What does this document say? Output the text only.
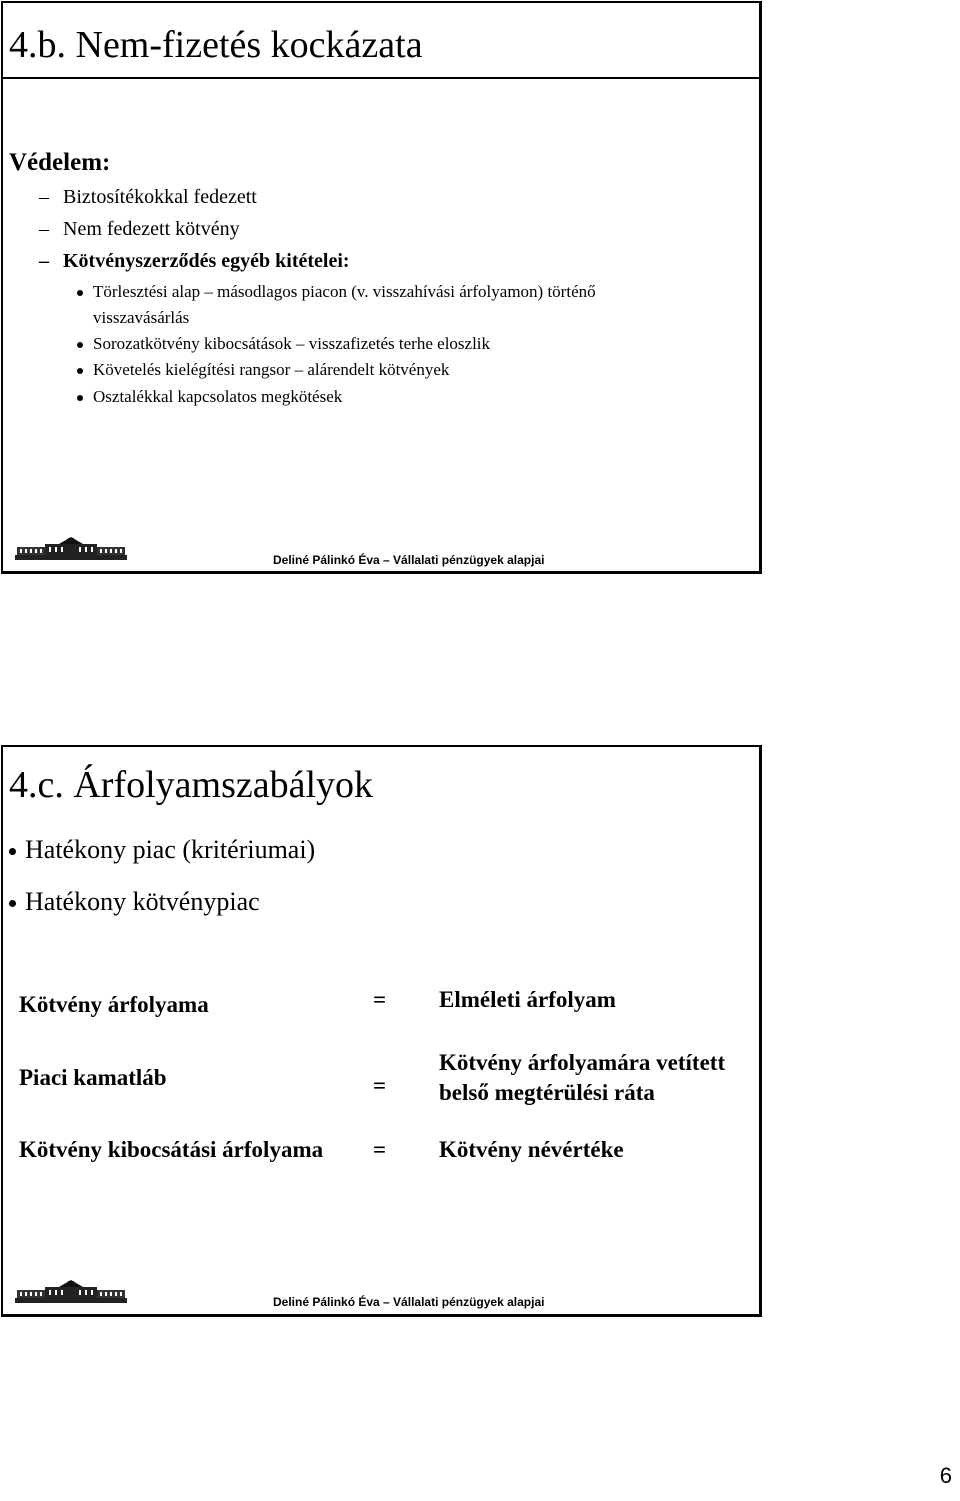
4.b. Nem-fizetés kockázata
Védelem:
– Biztosítékokkal fedezett
– Nem fedezett kötvény
– Kötvényszerződés egyéb kitételei:
Törlesztési alap – másodlagos piacon (v. visszahívási árfolyamon) történő
visszavásárlás
Sorozatkötvény kibocsátások – visszafizetés terhe eloszlik
Követelés kielégítési rangsor – alárendelt kötvények
Osztalékkal kapcsolatos megkötések
Deliné Pálinkó Éva – Vállalati pénzügyek alapjai
4.c. Árfolyamszabályok
Hatékony piac (kritériumai)
Hatékony kötvénypiac
Kötvény árfolyama	= Elméleti árfolyam
Piaci kamatláb	=
Kötvény árfolyamára vetített
belső megtérülési ráta
Kötvény kibocsátási árfolyama = Kötvény névértéke
Deliné Pálinkó Éva – Vállalati pénzügyek alapjai
6
